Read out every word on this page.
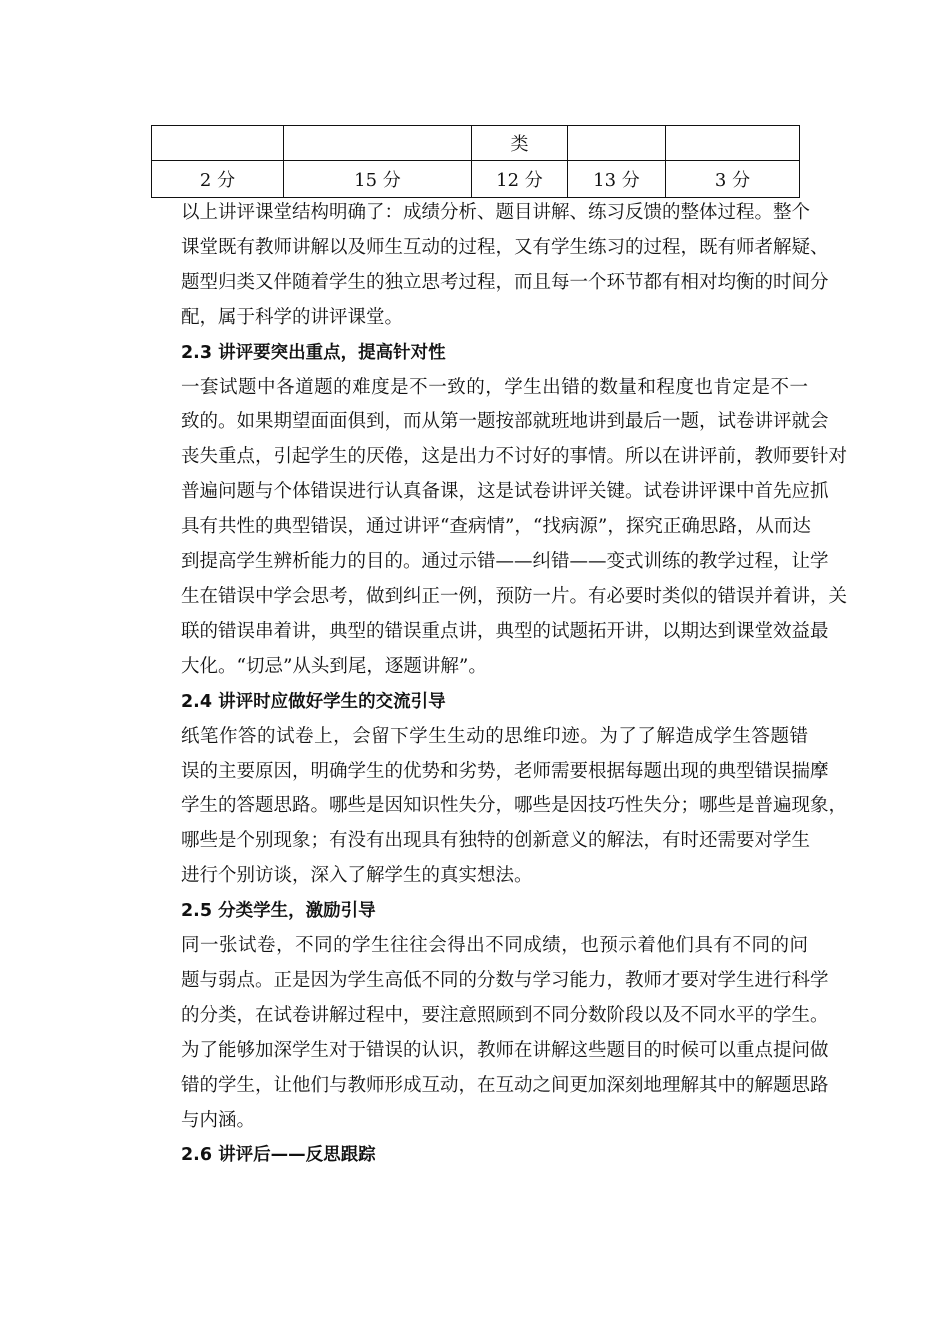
		类		
2 分	15 分	12 分	13 分	3 分
以上讲评课堂结构明确了：成绩分析、题目讲解、练习反馈的整体过程。整个
课堂既有教师讲解以及师生互动的过程，又有学生练习的过程，既有师者解疑、
题型归类又伴随着学生的独立思考过程，而且每一个环节都有相对均衡的时间分
配，属于科学的讲评课堂。
2.3 讲评要突出重点，提高针对性
一套试题中各道题的难度是不一致的，学生出错的数量和程度也肯定是不一
致的。如果期望面面俱到，而从第一题按部就班地讲到最后一题，试卷讲评就会
丧失重点，引起学生的厌倦，这是出力不讨好的事情。所以在讲评前，教师要针对
普遍问题与个体错误进行认真备课，这是试卷讲评关键。试卷讲评课中首先应抓
具有共性的典型错误，通过讲评“查病情”，“找病源”，探究正确思路，从而达
到提高学生辨析能力的目的。通过示错——纠错——变式训练的教学过程，让学
生在错误中学会思考，做到纠正一例，预防一片。有必要时类似的错误并着讲，关
联的错误串着讲，典型的错误重点讲，典型的试题拓开讲，以期达到课堂效益最
大化。“切忌”从头到尾，逐题讲解”。
2.4 讲评时应做好学生的交流引导
纸笔作答的试卷上，会留下学生生动的思维印迹。为了了解造成学生答题错
误的主要原因，明确学生的优势和劣势，老师需要根据每题出现的典型错误揣摩
学生的答题思路。哪些是因知识性失分，哪些是因技巧性失分；哪些是普遍现象，
哪些是个别现象；有没有出现具有独特的创新意义的解法，有时还需要对学生
进行个别访谈，深入了解学生的真实想法。
2.5 分类学生，激励引导
同一张试卷，不同的学生往往会得出不同成绩，也预示着他们具有不同的问
题与弱点。正是因为学生高低不同的分数与学习能力，教师才要对学生进行科学
的分类，在试卷讲解过程中，要注意照顾到不同分数阶段以及不同水平的学生。
为了能够加深学生对于错误的认识，教师在讲解这些题目的时候可以重点提问做
错的学生，让他们与教师形成互动，在互动之间更加深刻地理解其中的解题思路
与内涵。
2.6 讲评后——反思跟踪
